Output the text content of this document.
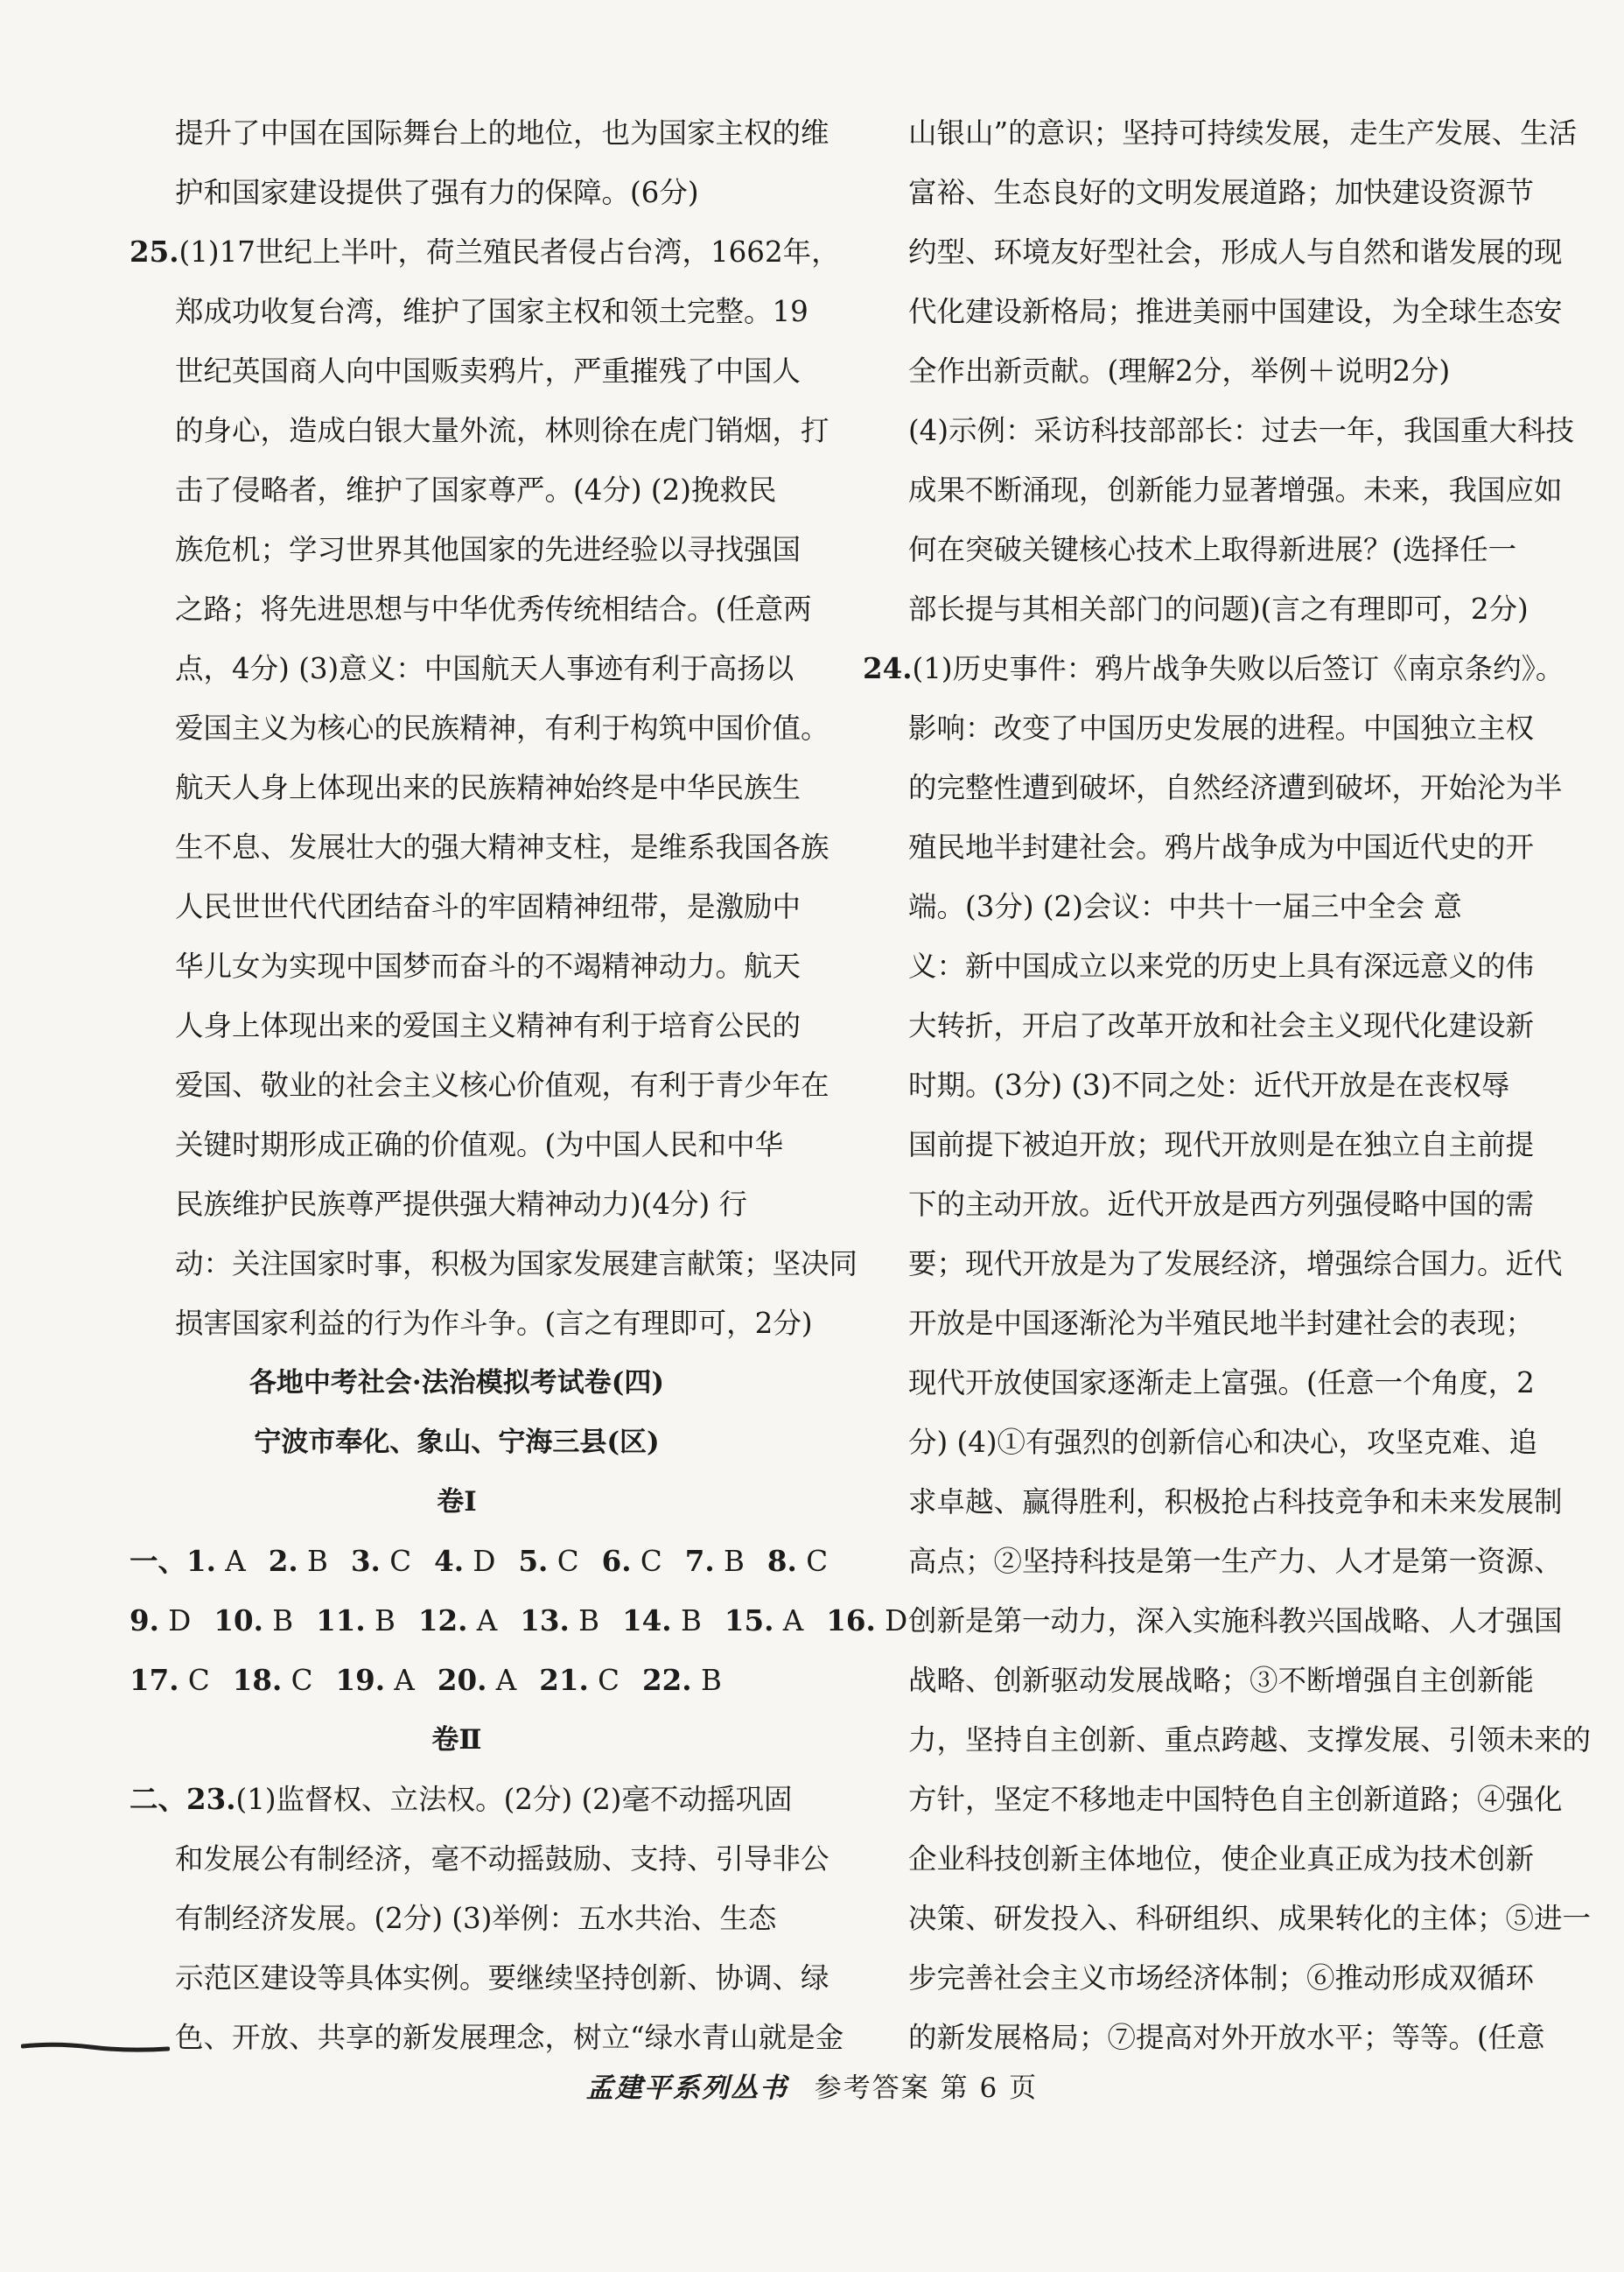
提升了中国在国际舞台上的地位，也为国家主权的维
护和国家建设提供了强有力的保障。(6分)
25.(1)17世纪上半叶，荷兰殖民者侵占台湾，1662年，
郑成功收复台湾，维护了国家主权和领土完整。19
世纪英国商人向中国贩卖鸦片，严重摧残了中国人
的身心，造成白银大量外流，林则徐在虎门销烟，打
击了侵略者，维护了国家尊严。(4分) (2)挽救民
族危机；学习世界其他国家的先进经验以寻找强国
之路；将先进思想与中华优秀传统相结合。(任意两
点，4分) (3)意义：中国航天人事迹有利于高扬以
爱国主义为核心的民族精神，有利于构筑中国价值。
航天人身上体现出来的民族精神始终是中华民族生
生不息、发展壮大的强大精神支柱，是维系我国各族
人民世世代代团结奋斗的牢固精神纽带，是激励中
华儿女为实现中国梦而奋斗的不竭精神动力。航天
人身上体现出来的爱国主义精神有利于培育公民的
爱国、敬业的社会主义核心价值观，有利于青少年在
关键时期形成正确的价值观。(为中国人民和中华
民族维护民族尊严提供强大精神动力)(4分) 行
动：关注国家时事，积极为国家发展建言献策；坚决同
损害国家利益的行为作斗争。(言之有理即可，2分)
各地中考社会·法治模拟考试卷(四)
宁波市奉化、象山、宁海三县(区)
卷Ⅰ
一、1. A 2. B 3. C 4. D 5. C 6. C 7. B 8. C
9. D 10. B 11. B 12. A 13. B 14. B 15. A 16. D
17. C 18. C 19. A 20. A 21. C 22. B
卷Ⅱ
二、23.(1)监督权、立法权。(2分) (2)毫不动摇巩固
和发展公有制经济，毫不动摇鼓励、支持、引导非公
有制经济发展。(2分) (3)举例：五水共治、生态
示范区建设等具体实例。要继续坚持创新、协调、绿
色、开放、共享的新发展理念，树立“绿水青山就是金
山银山”的意识；坚持可持续发展，走生产发展、生活
富裕、生态良好的文明发展道路；加快建设资源节
约型、环境友好型社会，形成人与自然和谐发展的现
代化建设新格局；推进美丽中国建设，为全球生态安
全作出新贡献。(理解2分，举例＋说明2分)
(4)示例：采访科技部部长：过去一年，我国重大科技
成果不断涌现，创新能力显著增强。未来，我国应如
何在突破关键核心技术上取得新进展？(选择任一
部长提与其相关部门的问题)(言之有理即可，2分)
24.(1)历史事件：鸦片战争失败以后签订《南京条约》。
影响：改变了中国历史发展的进程。中国独立主权
的完整性遭到破坏，自然经济遭到破坏，开始沦为半
殖民地半封建社会。鸦片战争成为中国近代史的开
端。(3分) (2)会议：中共十一届三中全会 意
义：新中国成立以来党的历史上具有深远意义的伟
大转折，开启了改革开放和社会主义现代化建设新
时期。(3分) (3)不同之处：近代开放是在丧权辱
国前提下被迫开放；现代开放则是在独立自主前提
下的主动开放。近代开放是西方列强侵略中国的需
要；现代开放是为了发展经济，增强综合国力。近代
开放是中国逐渐沦为半殖民地半封建社会的表现；
现代开放使国家逐渐走上富强。(任意一个角度，2
分) (4)①有强烈的创新信心和决心，攻坚克难、追
求卓越、赢得胜利，积极抢占科技竞争和未来发展制
高点；②坚持科技是第一生产力、人才是第一资源、
创新是第一动力，深入实施科教兴国战略、人才强国
战略、创新驱动发展战略；③不断增强自主创新能
力，坚持自主创新、重点跨越、支撑发展、引领未来的
方针，坚定不移地走中国特色自主创新道路；④强化
企业科技创新主体地位，使企业真正成为技术创新
决策、研发投入、科研组织、成果转化的主体；⑤进一
步完善社会主义市场经济体制；⑥推动形成双循环
的新发展格局；⑦提高对外开放水平；等等。(任意
孟建平系列丛书 参考答案 第 6 页
